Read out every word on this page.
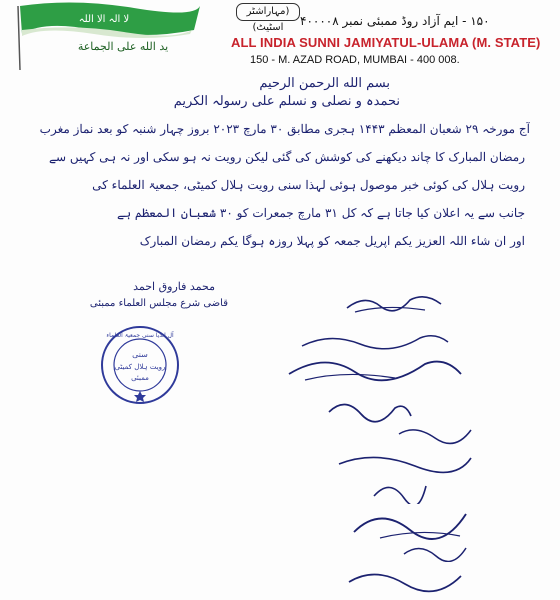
لا الہ الا اللہ
يد الله على الجماعة
(مہاراشٹر اسٹیٹ)	۱۵۰ - ایم آزاد روڈ ممبئی نمبر ۴۰۰۰۰۸
ALL INDIA SUNNI JAMIYATUL-ULAMA (M. STATE)
150 - M. AZAD ROAD, MUMBAI - 400 008.
بسم الله الرحمن الرحيم
نحمدہ و نصلی و نسلم علی رسولہ الکریم
آج مورخہ ۲۹ شعبان المعظم ۱۴۴۳ ہجری مطابق ۳۰ مارچ ۲۰۲۳ بروز چہار شنبہ کو بعد نماز مغرب
رمضان المبارک کا چاند دیکھنے کی کوشش کی گئی لیکن رویت نہ ہو سکی اور نہ ہی کہیں سے
رویت ہلال کی کوئی خبر موصول ہوئی لہذا سنی رویت ہلال کمیٹی، جمعیۃ العلماء کی
جانب سے یہ اعلان کیا جاتا ہے کہ کل ۳۱ مارچ جمعرات کو ۳۰ شعبان المعظم ہے
اور ان شاء اللہ العزیز یکم اپریل جمعہ کو پہلا روزہ ہوگا یکم رمضان المبارک
محمد فاروق احمد
قاضی شرع مجلس العلماء ممبئی
آل انڈیا سنی جمعیۃ العلماء
سنی
رویت ہلال کمیٹی
ممبئی
